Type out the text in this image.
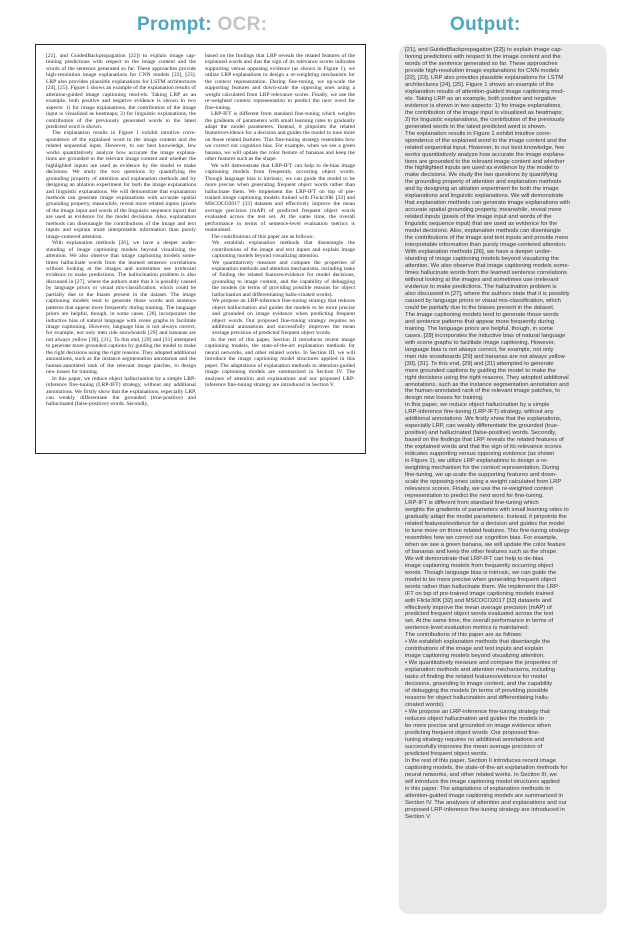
Prompt: OCR:	Output:

[21], and GuidedBackpropagation [22]) to explain image cap-tioning predictions with respect to the image content and the words of the sentence generated so far. These approaches provide high-resolution image explanations for CNN models [22], [23]. LRP also provides plausible explanations for LSTM architectures [24], [25]. Figure 1 shows an example of the explanation results of attention-guided image captioning mod-els. Taking LRP as an example, both positive and negative evidence is shown in two aspects: 1) for image explanations, the contribution of the image input is visualized as heatmaps; 2) for linguistic explanations, the contribution of the previously generated words to the latest predicted word is shown.

The explanation results in Figure 1 exhibit intuitive corre-spondence of the explained word to the image content and the related sequential input. However, to our best knowledge, few works quantitatively analyze how accurate the image explana-tions are grounded to the relevant image content and whether the highlighted inputs are used as evidence by the model to make decisions. We study the two questions by quantifying the grounding property of attention and explanation methods and by designing an ablation experiment for both the image explanations and linguistic explanations. We will demonstrate that explanation methods can generate image explanations with accurate spatial grounding property, meanwhile, reveal more related inputs (pixels of the image input and words of the linguistic sequence input) that are used as evidence for the model decisions. Also, explanation methods can disentangle the contributions of the image and text inputs and explain more interpretable information than purely image-centered attention.

With explanation methods [26], we have a deeper under-standing of image captioning models beyond visualizing the attention. We also observe that image captioning models some-times hallucinate words from the learned sentence correlations without looking at the images and sometimes use irrelevant evidence to make predictions. The hallucination problem is also discussed in [27], where the authors state that it is possibly caused by language priors or visual mis-classification, which could be partially due to the biases present in the dataset. The image captioning models tend to generate those words and sentence patterns that appear more frequently during training. The language priors are helpful, though, in some cases. [28] incorporates the inductive bias of natural language with scene graphs to facilitate image captioning. However, language bias is not always correct, for example, not only men ride snowboards [29] and bananas are not always yellow [30], [31]. To this end, [29] and [31] attempted to generate more grounded captions by guiding the model to make the right decisions using the right reasons. They adopted additional annotations, such as the instance segmentation annotation and the human-annotated rank of the relevant image patches, to design new losses for training.

In this paper, we reduce object hallucination by a simple LRP-inference fine-tuning (LRP-IFT) strategy, without any additional annotations. We firstly show that the explanations, especially LRP, can weakly differentiate the grounded (true-positive) and hallucinated (false-positive) words. Secondly,

based on the findings that LRP reveals the related features of the explained words and that the sign of its relevance scores indicates supporting versus opposing evidence (as shown in Figure 1), we utilize LRP explanations to design a re-weighting mechanism for the context representation. During fine-tuning, we up-scale the supporting features and down-scale the opposing ones using a weight calculated from LRP relevance scores. Finally, we use the re-weighted context representation to predict the next word for fine-tuning.

LRP-IFT is different from standard fine-tuning which weights the gradients of parameters with small learning rates to gradually adapt the model parameters. Instead, it pinpoints the related features/evidence for a decision and guides the model to tune more on those related features. This fine-tuning strategy resembles how we correct our cognition bias. For example, when we see a green banana, we will update the color feature of bananas and keep the other features such as the shape.

We will demonstrate that LRP-IFT can help to de-bias image captioning models from frequently occurring object words. Though language bias is intrinsic, we can guide the model to be more precise when generating frequent object words rather than hallucinate them. We implement the LRP-IFT on top of pre-trained image captioning models trained with Flickr30K [32] and MSCOCO2017 [33] datasets and effectively improve the mean average precision (mAP) of predicted frequent object words evaluated across the test set. At the same time, the overall performance in terms of sentence-level evaluation metrics is maintained.

The contributions of this paper are as follows:

• We establish explanation methods that disentangle the contributions of the image and text inputs and explain image captioning models beyond visualizing attention.
• We quantitatively measure and compare the properties of explanation methods and attention mechanisms, including tasks of finding the related features/evidence for model decisions, grounding to image content, and the capability of debugging the models (in terms of providing possible reasons for object hallucination and differentiating hallu-cinated words).
• We propose an LRP-inference fine-tuning strategy that reduces object hallucination and guides the models to be more precise and grounded on image evidence when predicting frequent object words. Our proposed fine-tuning strategy requires no additional annotations and successfully improves the mean average precision of predicted frequent object words.

In the rest of this paper, Section II introduces recent image captioning models, the state-of-the-art explanation methods for neural networks, and other related works. In Section III, we will introduce the image captioning model structures applied in this paper. The adaptations of explanation methods to attention-guided image captioning models are summarized in Section IV. The analyses of attention and explanations and our proposed LRP-inference fine-tuning strategy are introduced in Section V.

[21], and GuidedBackpropagation [22]) to explain image cap-
tioning predictions with respect to the image content and the
words of the sentence generated so far. These approaches
provide high-resolution image explanations for CNN models
[22], [23]. LRP also provides plausible explanations for LSTM
architectures [24], [25]. Figure 1 shows an example of the
explanation results of attention-guided image captioning mod-
els. Taking LRP as an example, both positive and negative
evidence is shown in two aspects: 1) for image explanations,
the contribution of the image input is visualized as heatmaps;
2) for linguistic explanations, the contribution of the previously
generated words to the latest predicted word is shown.
The explanation results in Figure 1 exhibit intuitive corre-
spondence of the explained word to the image content and the
related sequential input. However, to our best knowledge, few
works quantitatively analyze how accurate the image explana-
tions are grounded to the relevant image content and whether
the highlighted inputs are used as evidence by the model to
make decisions. We study the two questions by quantifying
the grounding property of attention and explanation methods
and by designing an ablation experiment for both the image
explanations and linguistic explanations. We will demonstrate
that explanation methods can generate image explanations with
accurate spatial grounding property, meanwhile, reveal more
related inputs (pixels of the image input and words of the
linguistic sequence input) that are used as evidence for the
model decisions. Also, explanation methods can disentangle
the contributions of the image and text inputs and provide more
interpretable information than purely image-centered attention.
With explanation methods [26], we have a deeper under-
standing of image captioning models beyond visualizing the
attention. We also observe that image captioning models some-
times hallucinate words from the learned sentence correlations
without looking at the images and sometimes use irrelevant
evidence to make predictions. The hallucination problem is
also discussed in [27], where the authors state that it is possibly
caused by language priors or visual mis-classification, which
could be partially due to the biases present in the dataset.
The image captioning models tend to generate those words
and sentence patterns that appear more frequently during
training. The language priors are helpful, though, in some
cases. [28] incorporates the inductive bias of natural language
with scene graphs to facilitate image captioning. However,
language bias is not always correct, for example, not only
men ride snowboards [29] and bananas are not always yellow
[30], [31]. To this end, [29] and [31] attempted to generate
more grounded captions by guiding the model to make the
right decisions using the right reasons. They adopted additional
annotations, such as the instance segmentation annotation and
the human-annotated rank of the relevant image patches, to
design new losses for training.
In this paper, we reduce object hallucination by a simple
LRP-inference fine-tuning (LRP-IFT) strategy, without any
additional annotations .We firstly show that the explanations,
especially LRP, can weakly differentiate the grounded (true-
positive) and hallucinated (false-positive) words. Secondly,
based on the findings that LRP reveals the related features of
the explained words and that the sign of its relevance scores
indicates supporting versus opposing evidence (as shown
in Figure 1), we utilize LRP explanations to design a re-
weighting mechanism for the context representation. During
fine-tuning, we up-scale the supporting features and down-
scale the opposing ones using a weight calculated from LRP
relevance scores. Finally, we use the re-weighted context
representation to predict the next word for fine-tuning.
LRP-IFT is different from standard fine-tuning which
weights the gradients of parameters with small learning rates to
gradually adapt the model parameters. Instead, it pinpoints the
related features/evidence for a decision and guides the model
to tune more on those related features. This fine-tuning strategy
resembles how we correct our cognition bias. For example,
when we see a green banana, we will update the color feature
of bananas and keep the other features such as the shape.
We will demonstrate that LRP-IFT can help to de-bias
image captioning models from frequently occurring object
words. Though language bias is intrinsic, we can guide the
model to be more precise when generating frequent object
words rather than hallucinate them. We implement the LRP-
IFT on top of pre-trained image captioning models trained
with Flickr30K [32] and MSCOCO2017 [33] datasets and
effectively improve the mean average precision (mAP) of
predicted frequent object words evaluated across the test
set. At the same time, the overall performance in terms of
sentence-level evaluation metrics is maintained.
The contributions of this paper are as follows:
• We establish explanation methods that disentangle the
contributions of the image and text inputs and explain
image captioning models beyond visualizing attention.
• We quantitatively measure and compare the properties of
explanation methods and attention mechanisms, including
tasks of finding the related features/evidence for model
decisions, grounding to image content, and the capability
of debugging the models (in terms of providing possible
reasons for object hallucination and differentiating hallu-
cinated words).
• We propose an LRP-inference fine-tuning strategy that
reduces object hallucination and guides the models to
be more precise and grounded on image evidence when
predicting frequent object words .Our proposed fine-
tuning strategy requires no additional annotations and
successfully improves the mean average precision of
predicted frequent object words.
In the rest of this paper, Section II introduces recent image
captioning models, the state-of-the-art explanation methods for
neural networks, and other related works. In Section III, we
will introduce the image captioning model structures applied
in this paper. The adaptations of explanation methods to
attention-guided image captioning models are summarized in
Section IV. The analyses of attention and explanations and our
proposed LRP-inference fine-tuning strategy are introduced in
Section V.
